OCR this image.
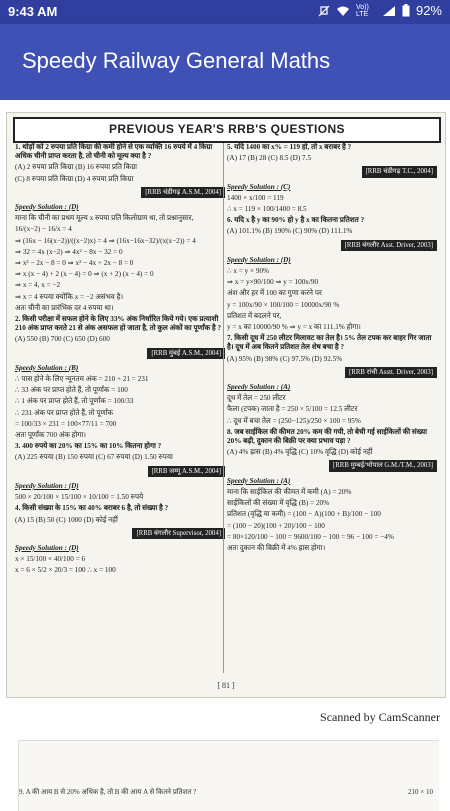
9:43 AM	Vo)) LTE	92%
Speedy Railway General Maths
PREVIOUS YEAR'S RRB'S QUESTIONS

1. थोड़ों को 2 रुपया प्रति किग्रा की कमी होने से एक व्यक्ति 16 रुपये में 4 किग्रा अधिक चीनी प्राप्त करता है, तो चीनी को मूल्य क्या है ?

(A) 2 रुपया प्रति किग्रा (B) 16 रुपया प्रति किग्रा

(C) 8 रुपया प्रति किग्रा (D) 4 रुपया प्रति किग्रा

[RRB चंडीगढ़ A.S.M., 2004]

Speedy Solution : (D)

माना कि चीनी का प्रथम मूल्य x रुपया प्रति किलोग्राम था, तो प्रश्नानुसार,

16/(x−2) − 16/x = 4

⇒ (16x − 16(x−2))/((x−2)x) = 4 ⇒ (16x−16x−32)/(x(x−2)) = 4

⇒ 32 = 4x (x−2) ⇒ 4x² − 8x − 32 = 0

⇒ x² − 2x − 8 = 0 ⇒ x² − 4x + 2x − 8 = 0

⇒ x (x − 4) + 2 (x − 4) = 0 ⇒ (x + 2) (x − 4) = 0

⇒ x = 4, x = −2

⇒ x = 4 रुपया क्योंकि x = −2 असंभव है।

अतः चीनी का प्रारंभिक दर 4 रुपया था।

2. किसी परीक्षा में सफल होने के लिए 33% अंक निर्धारित किये गये। एक प्रत्याशी 210 अंक प्राप्त करते 21 से अंक असफल हो जाता है, तो कुल अंकों का पूर्णांक है ?

(A) 550 (B) 700 (C) 650 (D) 600

[RRB मुंबई A.S.M., 2004]

Speedy Solution : (B)

∴ पास होने के लिए न्यूनतम अंक = 210 + 21 = 231

∴ 33 अंक पर प्राप्त होते हैं, तो पूर्णांक = 100

∴ 1 अंक पर प्राप्त होते हैं, तो पूर्णांक = 100/33

∴ 231 अंक पर प्राप्त होते हैं, तो पूर्णांक

= 100/33 × 231 = 100×77/11 = 700

अतः पूर्णांक 700 अंक होगा।

3. 400 रुपये का 20% का 15% का 10% कितना होगा ?

(A) 225 रुपया (B) 150 रुपया (C) 67 रुपया (D) 1.50 रुपया

[RRB जम्मू A.S.M., 2004]

Speedy Solution : (D)

500 × 20/100 × 15/100 × 10/100 = 1.50 रुपये

4. किसी संख्या के 15% का 40% बराबर 6 है, तो संख्या है ?

(A) 15 (B) 50 (C) 1000 (D) कोई नहीं

[RRB बंगलौर Supervisor, 2004]

Speedy Solution : (D)

x × 15/100 × 40/100 = 6

x = 6 × 5/2 × 20/3 = 100 ∴ x = 100

5. यदि 1400 का x% = 119 हो, तो x बराबर है ?

(A) 17 (B) 28 (C) 8.5 (D) 7.5

[RRB चंडीगढ़ T.C., 2004]

Speedy Solution : (C)

1400 × x/100 = 119

∴ x = 119 × 100/1400 = 8.5

6. यदि x है y का 90% हो y है x का कितना प्रतिशत ?

(A) 101.1% (B) 190% (C) 90% (D) 111.1%

[RRB बंगलौर Asst. Driver, 2003]

Speedy Solution : (D)

∴ x = y × 90%

⇒ x = y×90/100 ⇒ y = 100x/90

अंश और हर में 100 का गुणा करने पर

y = 100x/90 × 100/100 = 10000x/90 %

प्रतिशत में बदलने पर,

y = x का 10000/90 % ⇒ y = x का 111.1% होगा।

7. किसी दूध में 250 लीटर मिलावट का तेल है। 5% तेल टपक कर बाहर गिर जाता है। दूध में अब कितने प्रतिशत तेल शेष बचा है ?

(A) 95% (B) 98% (C) 97.5% (D) 92.5%

[RRB रांची Asstt. Driver, 2003]

Speedy Solution : (A)

दूध में तेल = 250 लीटर

फैला (टपक) जाता है = 250 × 5/100 = 12.5 लीटर

∴ दूध में बचा तेल = (250−125)/250 × 100 = 95%

8. जब साईकिल की कीमत 20% कम की गयी, तो बेची गई साईकिलों की संख्या 20% बढ़ी, दुकान की बिक्री पर क्या प्रभाव पड़ा ?

(A) 4% ह्रास (B) 4% वृद्धि (C) 10% वृद्धि (D) कोई नहीं

[RRB मुम्बई/भोपाल G.M./T.M., 2003]

Speedy Solution : (A)

माना कि साईकिल की कीमत में कमी (A) = 20%

साईकिलों की संख्या में वृद्धि (B) = 20%

प्रतिशत (वृद्धि या कमी) = (100 − A)(100 + B)/100 − 100

= (100 − 20)(100 + 20)/100 − 100

= 80×120/100 − 100 = 9600/100 − 100 = 96 − 100 = −4%

अतः दुकान की बिक्री में 4% ह्रास होगा।

[ 81 ]
Scanned by CamScanner
9. A की आय B से 20% अधिक है, तो B की आय A से कितने प्रतिशत ?	210 × 10
